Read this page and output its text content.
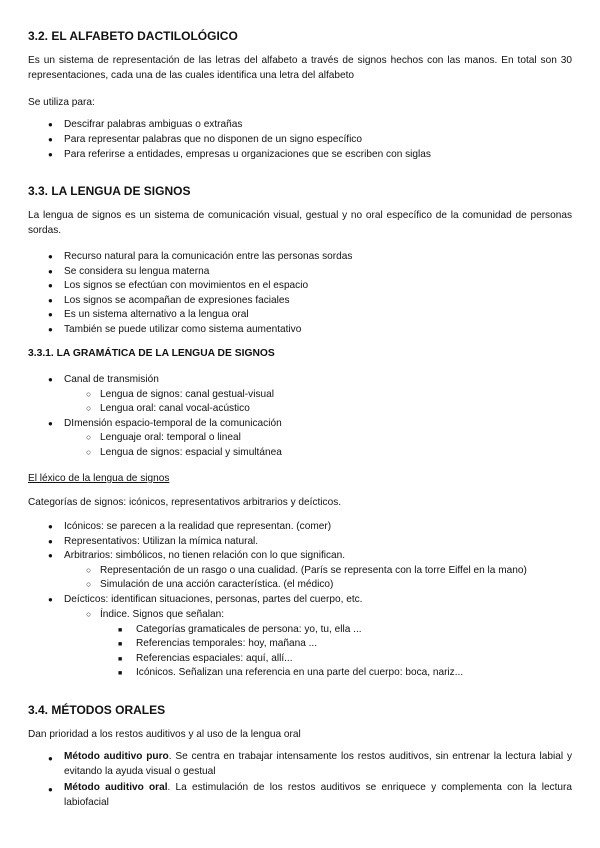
3.2. EL ALFABETO DACTILOLÓGICO
Es un sistema de representación de las letras del alfabeto a través de signos hechos con las manos. En total son 30 representaciones, cada una de las cuales identifica una letra del alfabeto
Se utiliza para:
● Descifrar palabras ambiguas o extrañas
● Para representar palabras que no disponen de un signo específico
● Para referirse a entidades, empresas u organizaciones que se escriben con siglas
3.3. LA LENGUA DE SIGNOS
La lengua de signos es un sistema de comunicación visual, gestual y no oral específico de la comunidad de personas sordas.
● Recurso natural para la comunicación entre las personas sordas
● Se considera su lengua materna
● Los signos se efectúan con movimientos en el espacio
● Los signos se acompañan de expresiones faciales
● Es un sistema alternativo a la lengua oral
● También se puede utilizar como sistema aumentativo
3.3.1. LA GRAMÁTICA DE LA LENGUA DE SIGNOS
● Canal de transmisión
○ Lengua de signos: canal gestual-visual
○ Lengua oral: canal vocal-acústico
● DImensión espacio-temporal de la comunicación
○ Lenguaje oral: temporal o lineal
○ Lengua de signos: espacial y simultánea
El léxico de la lengua de signos
Categorías de signos: icónicos, representativos arbitrarios y deícticos.
● Icónicos: se parecen a la realidad que representan. (comer)
● Representativos: Utilizan la mímica natural.
● Arbitrarios: simbólicos, no tienen relación con lo que significan.
○ Representación de un rasgo o una cualidad. (París se representa con la torre Eiffel en la mano)
○ Simulación de una acción característica. (el médico)
● Deícticos: identifican situaciones, personas, partes del cuerpo, etc.
○ Índice. Signos que señalan:
■ Categorías gramaticales de persona: yo, tu, ella ...
■ Referencias temporales: hoy, mañana ...
■ Referencias espaciales: aquí, allí...
■ Icónicos. Señalizan una referencia en una parte del cuerpo: boca, nariz...
3.4. MÉTODOS ORALES
Dan prioridad a los restos auditivos y al uso de la lengua oral
● Método auditivo puro. Se centra en trabajar intensamente los restos auditivos, sin entrenar la lectura labial y evitando la ayuda visual o gestual
● Método auditivo oral. La estimulación de los restos auditivos se enriquece y complementa con la lectura labiofacial
